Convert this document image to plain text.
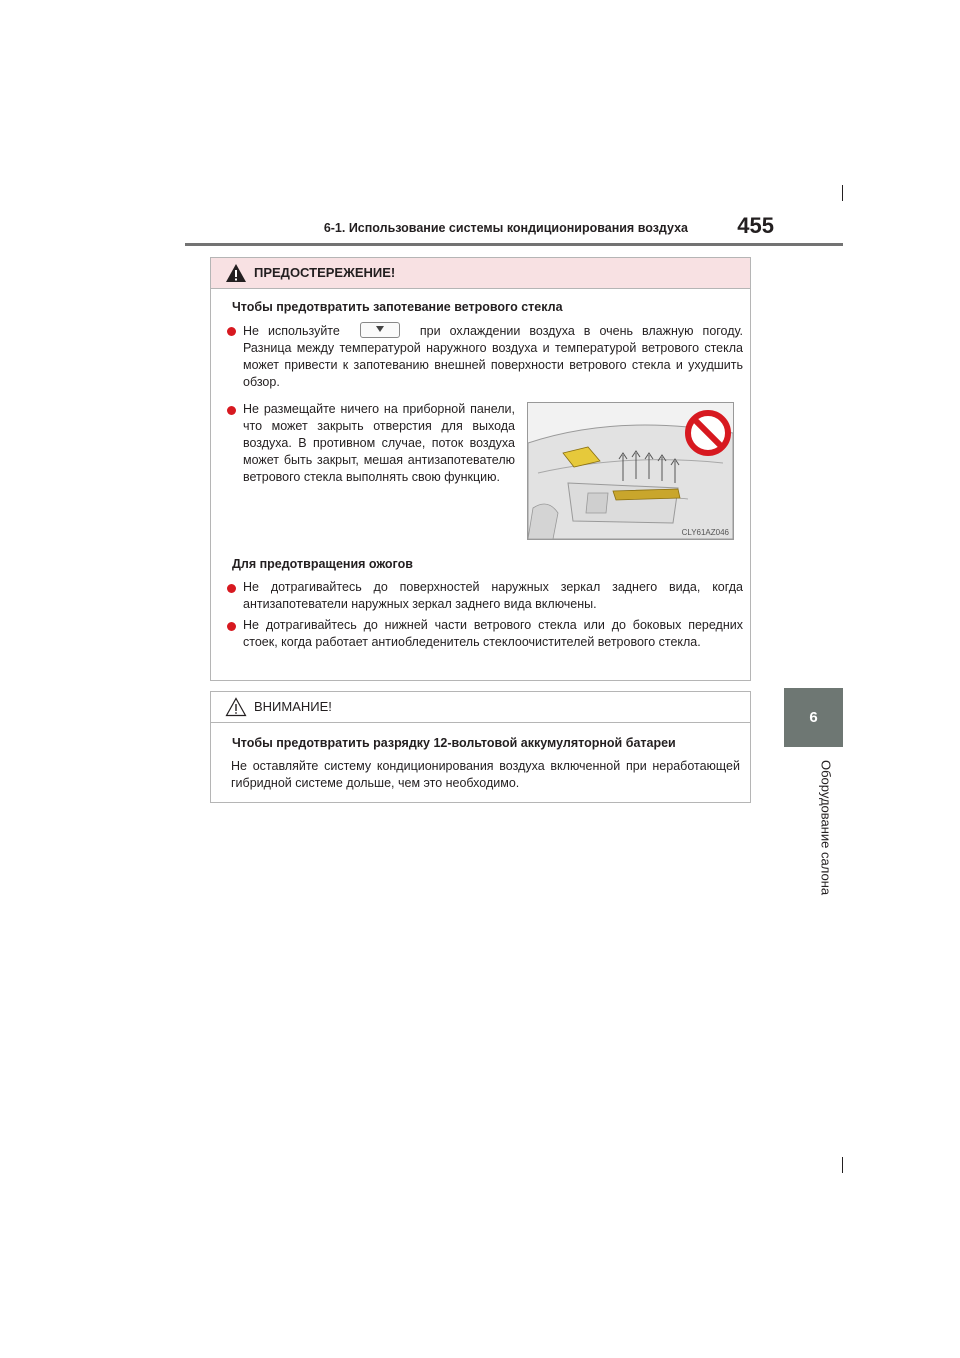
6-1. Использование системы кондиционирования воздуха	455
6
Оборудование салона
ПРЕДОСТЕРЕЖЕНИЕ!
Чтобы предотвратить запотевание ветрового стекла

Не используйте	при охлаждении воздуха в очень влажную погоду. Разница между температурой наружного воздуха и температурой ветрового стекла может привести к запотеванию внешней поверхности ветрового стекла и ухудшить обзор.

Не размещайте ничего на приборной панели, что может закрыть отверстия для выхода воздуха. В противном случае, поток воздуха может быть закрыт, мешая антизапотевателю ветрового стекла выполнять свою функцию.

CLY61AZ046
Для предотвращения ожогов

Не дотрагивайтесь до поверхностей наружных зеркал заднего вида, когда антизапотеватели наружных зеркал заднего вида включены.

Не дотрагивайтесь до нижней части ветрового стекла или до боковых передних стоек, когда работает антиобледенитель стеклоочистителей ветрового стекла.

ВНИМАНИЕ!
Чтобы предотвратить разрядку 12-вольтовой аккумуляторной батареи

Не оставляйте систему кондиционирования воздуха включенной при неработающей гибридной системе дольше, чем это необходимо.
